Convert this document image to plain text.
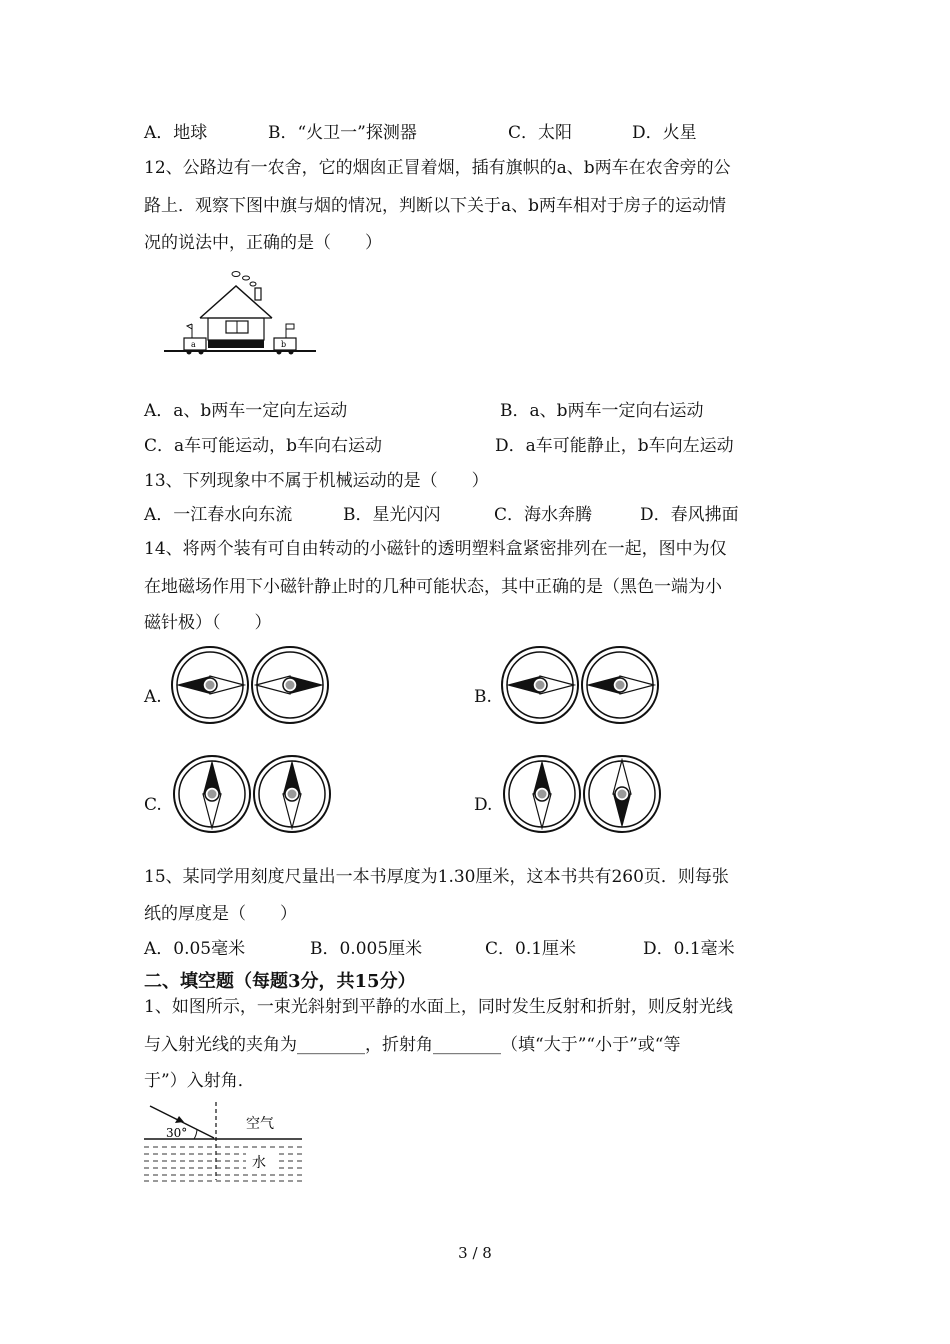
A．地球	B．“火卫一”探测器	C．太阳	D．火星
12、公路边有一农舍，它的烟囱正冒着烟，插有旗帜的a、b两车在农舍旁的公
路上．观察下图中旗与烟的情况，判断以下关于a、b两车相对于房子的运动情
况的说法中，正确的是（　　）
a	b
A．a、b两车一定向左运动	B．a、b两车一定向右运动
C．a车可能运动，b车向右运动	D．a车可能静止，b车向左运动
13、下列现象中不属于机械运动的是（　　）
A．一江春水向东流	B．星光闪闪	C．海水奔腾	D．春风拂面
14、将两个装有可自由转动的小磁针的透明塑料盒紧密排列在一起，图中为仅
在地磁场作用下小磁针静止时的几种可能状态，其中正确的是（黑色一端为小
磁针极）（　　）
A.	B.
C.	D.
15、某同学用刻度尺量出一本书厚度为1.30厘米，这本书共有260页．则每张
纸的厚度是（　　）
A．0.05毫米	B．0.005厘米	C．0.1厘米	D．0.1毫米
二、填空题（每题3分，共15分）
1、如图所示，一束光斜射到平静的水面上，同时发生反射和折射，则反射光线
与入射光线的夹角为________，折射角________（填“大于”“小于”或“等
于”）入射角．
30°
空气
水
3 / 8
